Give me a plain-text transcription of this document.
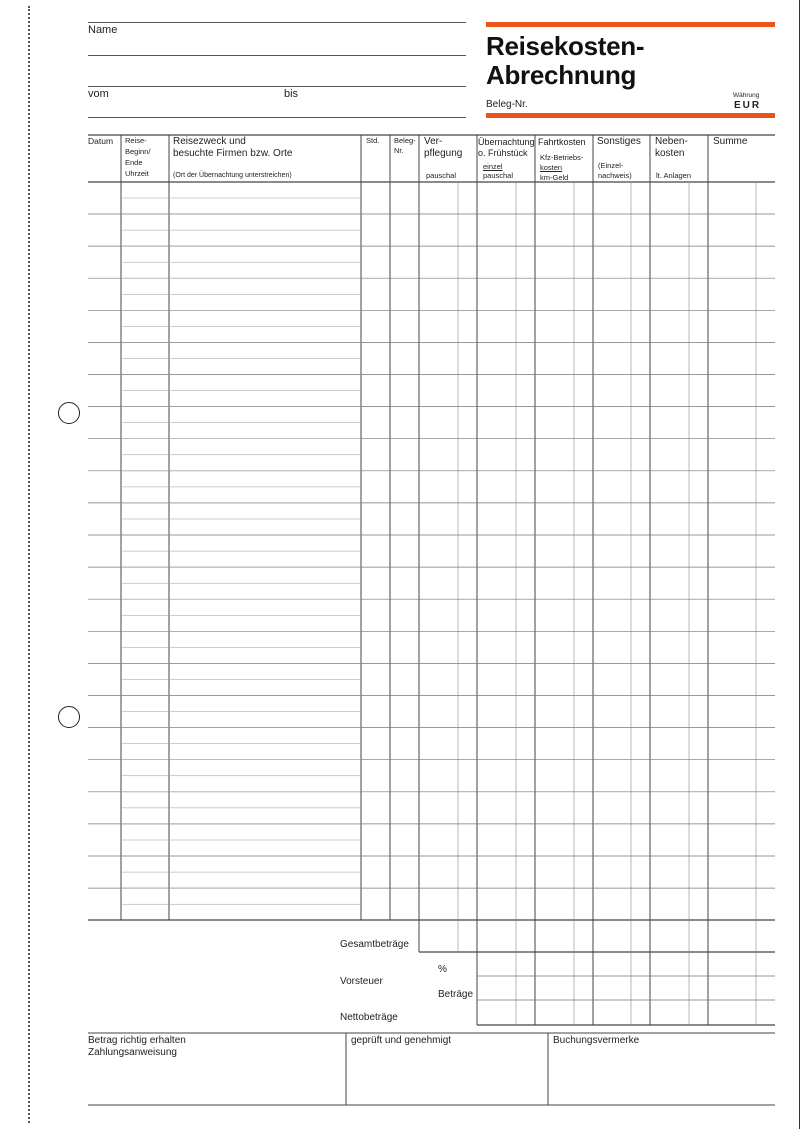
Name
vom	bis
Reisekosten-
Abrechnung
Beleg-Nr.
Währung
EUR
Datum Reise-
Beginn/
Ende
Uhrzeit
Reisezweck und
besuchte Firmen bzw. Orte
(Ort der Übernachtung unterstreichen)
Std. Beleg-
Nr.
Ver-
pflegung
pauschal
Übernachtung
o. Frühstück
einzel
pauschal
Fahrtkosten
Kfz-Betriebs-
kosten
km-Geld
Sonstiges
(Einzel-
nachweis)
Neben-
kosten
lt. Anlagen
Summe
Gesamtbeträge
%
Vorsteuer
Beträge
Nettobeträge
Betrag richtig erhalten
Zahlungsanweisung
geprüft und genehmigt	Buchungsvermerke
